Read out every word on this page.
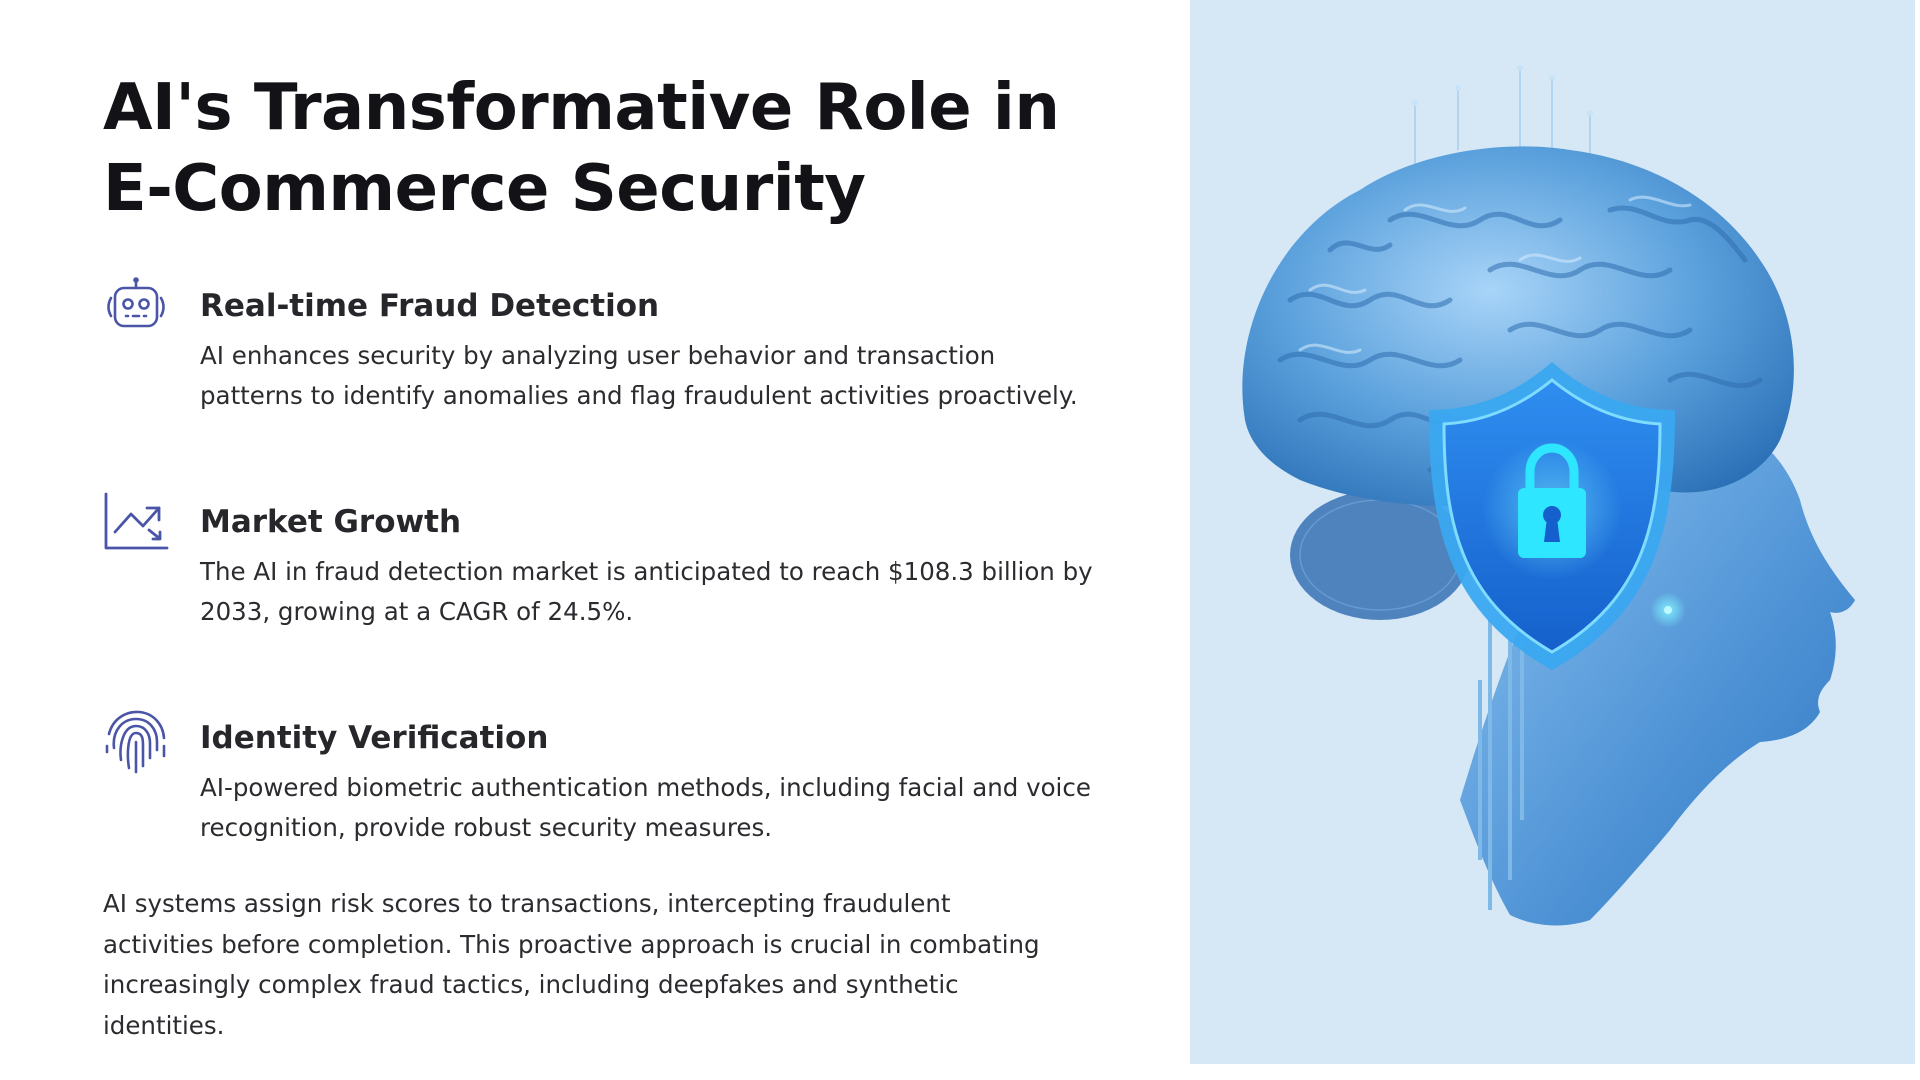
AI's Transformative Role in E-Commerce Security
Real-time Fraud Detection

AI enhances security by analyzing user behavior and transaction patterns to identify anomalies and flag fraudulent activities proactively.

Market Growth

The AI in fraud detection market is anticipated to reach $108.3 billion by 2033, growing at a CAGR of 24.5%.

Identity Verification

AI-powered biometric authentication methods, including facial and voice recognition, provide robust security measures.

AI systems assign risk scores to transactions, intercepting fraudulent activities before completion. This proactive approach is crucial in combating increasingly complex fraud tactics, including deepfakes and synthetic identities.
